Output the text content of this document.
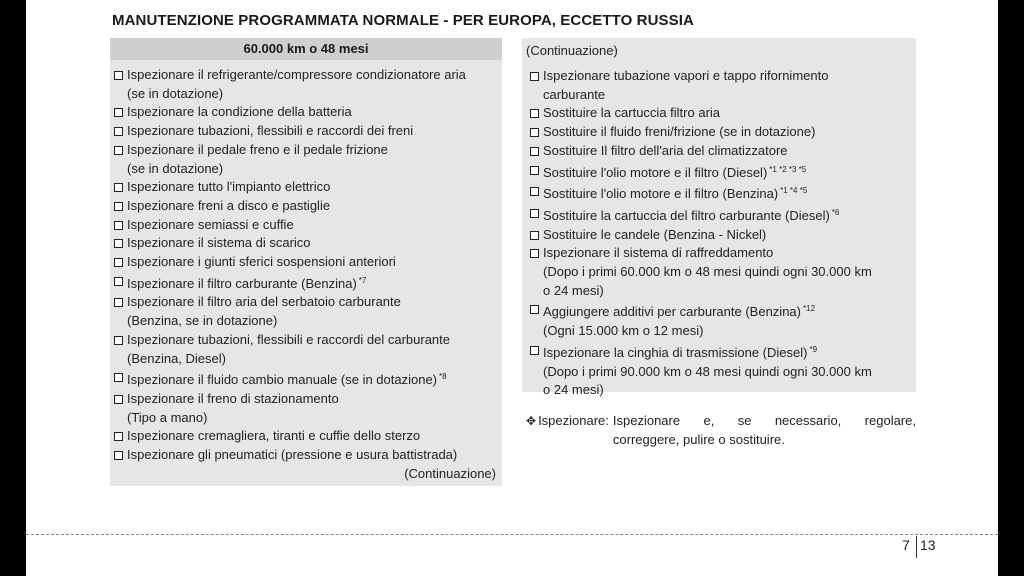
MANUTENZIONE PROGRAMMATA NORMALE - PER EUROPA, ECCETTO RUSSIA
60.000 km o 48 mesi
Ispezionare il refrigerante/compressore condizionatore aria
(se in dotazione)
Ispezionare la condizione della batteria
Ispezionare tubazioni, flessibili e raccordi dei freni
Ispezionare il pedale freno e il pedale frizione
(se in dotazione)
Ispezionare tutto l'impianto elettrico
Ispezionare freni a disco e pastiglie
Ispezionare semiassi e cuffie
Ispezionare il sistema di scarico
Ispezionare i giunti sferici sospensioni anteriori
Ispezionare il filtro carburante (Benzina) $^{*7}$
Ispezionare il filtro aria del serbatoio carburante
(Benzina, se in dotazione)
Ispezionare tubazioni, flessibili e raccordi del carburante
(Benzina, Diesel)
Ispezionare il fluido cambio manuale (se in dotazione) $^{*8}$
Ispezionare il freno di stazionamento
(Tipo a mano)
Ispezionare cremagliera, tiranti e cuffie dello sterzo
Ispezionare gli pneumatici (pressione e usura battistrada)
(Continuazione)
(Continuazione)
Ispezionare tubazione vapori e tappo rifornimento
carburante
Sostituire la cartuccia filtro aria
Sostituire il fluido freni/frizione (se in dotazione)
Sostituire Il filtro dell'aria del climatizzatore
Sostituire l'olio motore e il filtro (Diesel) $^{*1 *2 *3 *5}$
Sostituire l'olio motore e il filtro (Benzina) $^{*1 *4 *5}$
Sostituire la cartuccia del filtro carburante (Diesel) $^{*6}$
Sostituire le candele (Benzina - Nickel)
Ispezionare il sistema di raffreddamento
(Dopo i primi 60.000 km o 48 mesi quindi ogni 30.000 km
o 24 mesi)
Aggiungere additivi per carburante (Benzina) $^{*12}$
(Ogni 15.000 km o 12 mesi)
Ispezionare la cinghia di trasmissione (Diesel) $^{*9}$
(Dopo i primi 90.000 km o 48 mesi quindi ogni 30.000 km
o 24 mesi)
✥ Ispezionare: Ispezionare e, se necessario, regolare,
correggere, pulire o sostituire.
7 13
